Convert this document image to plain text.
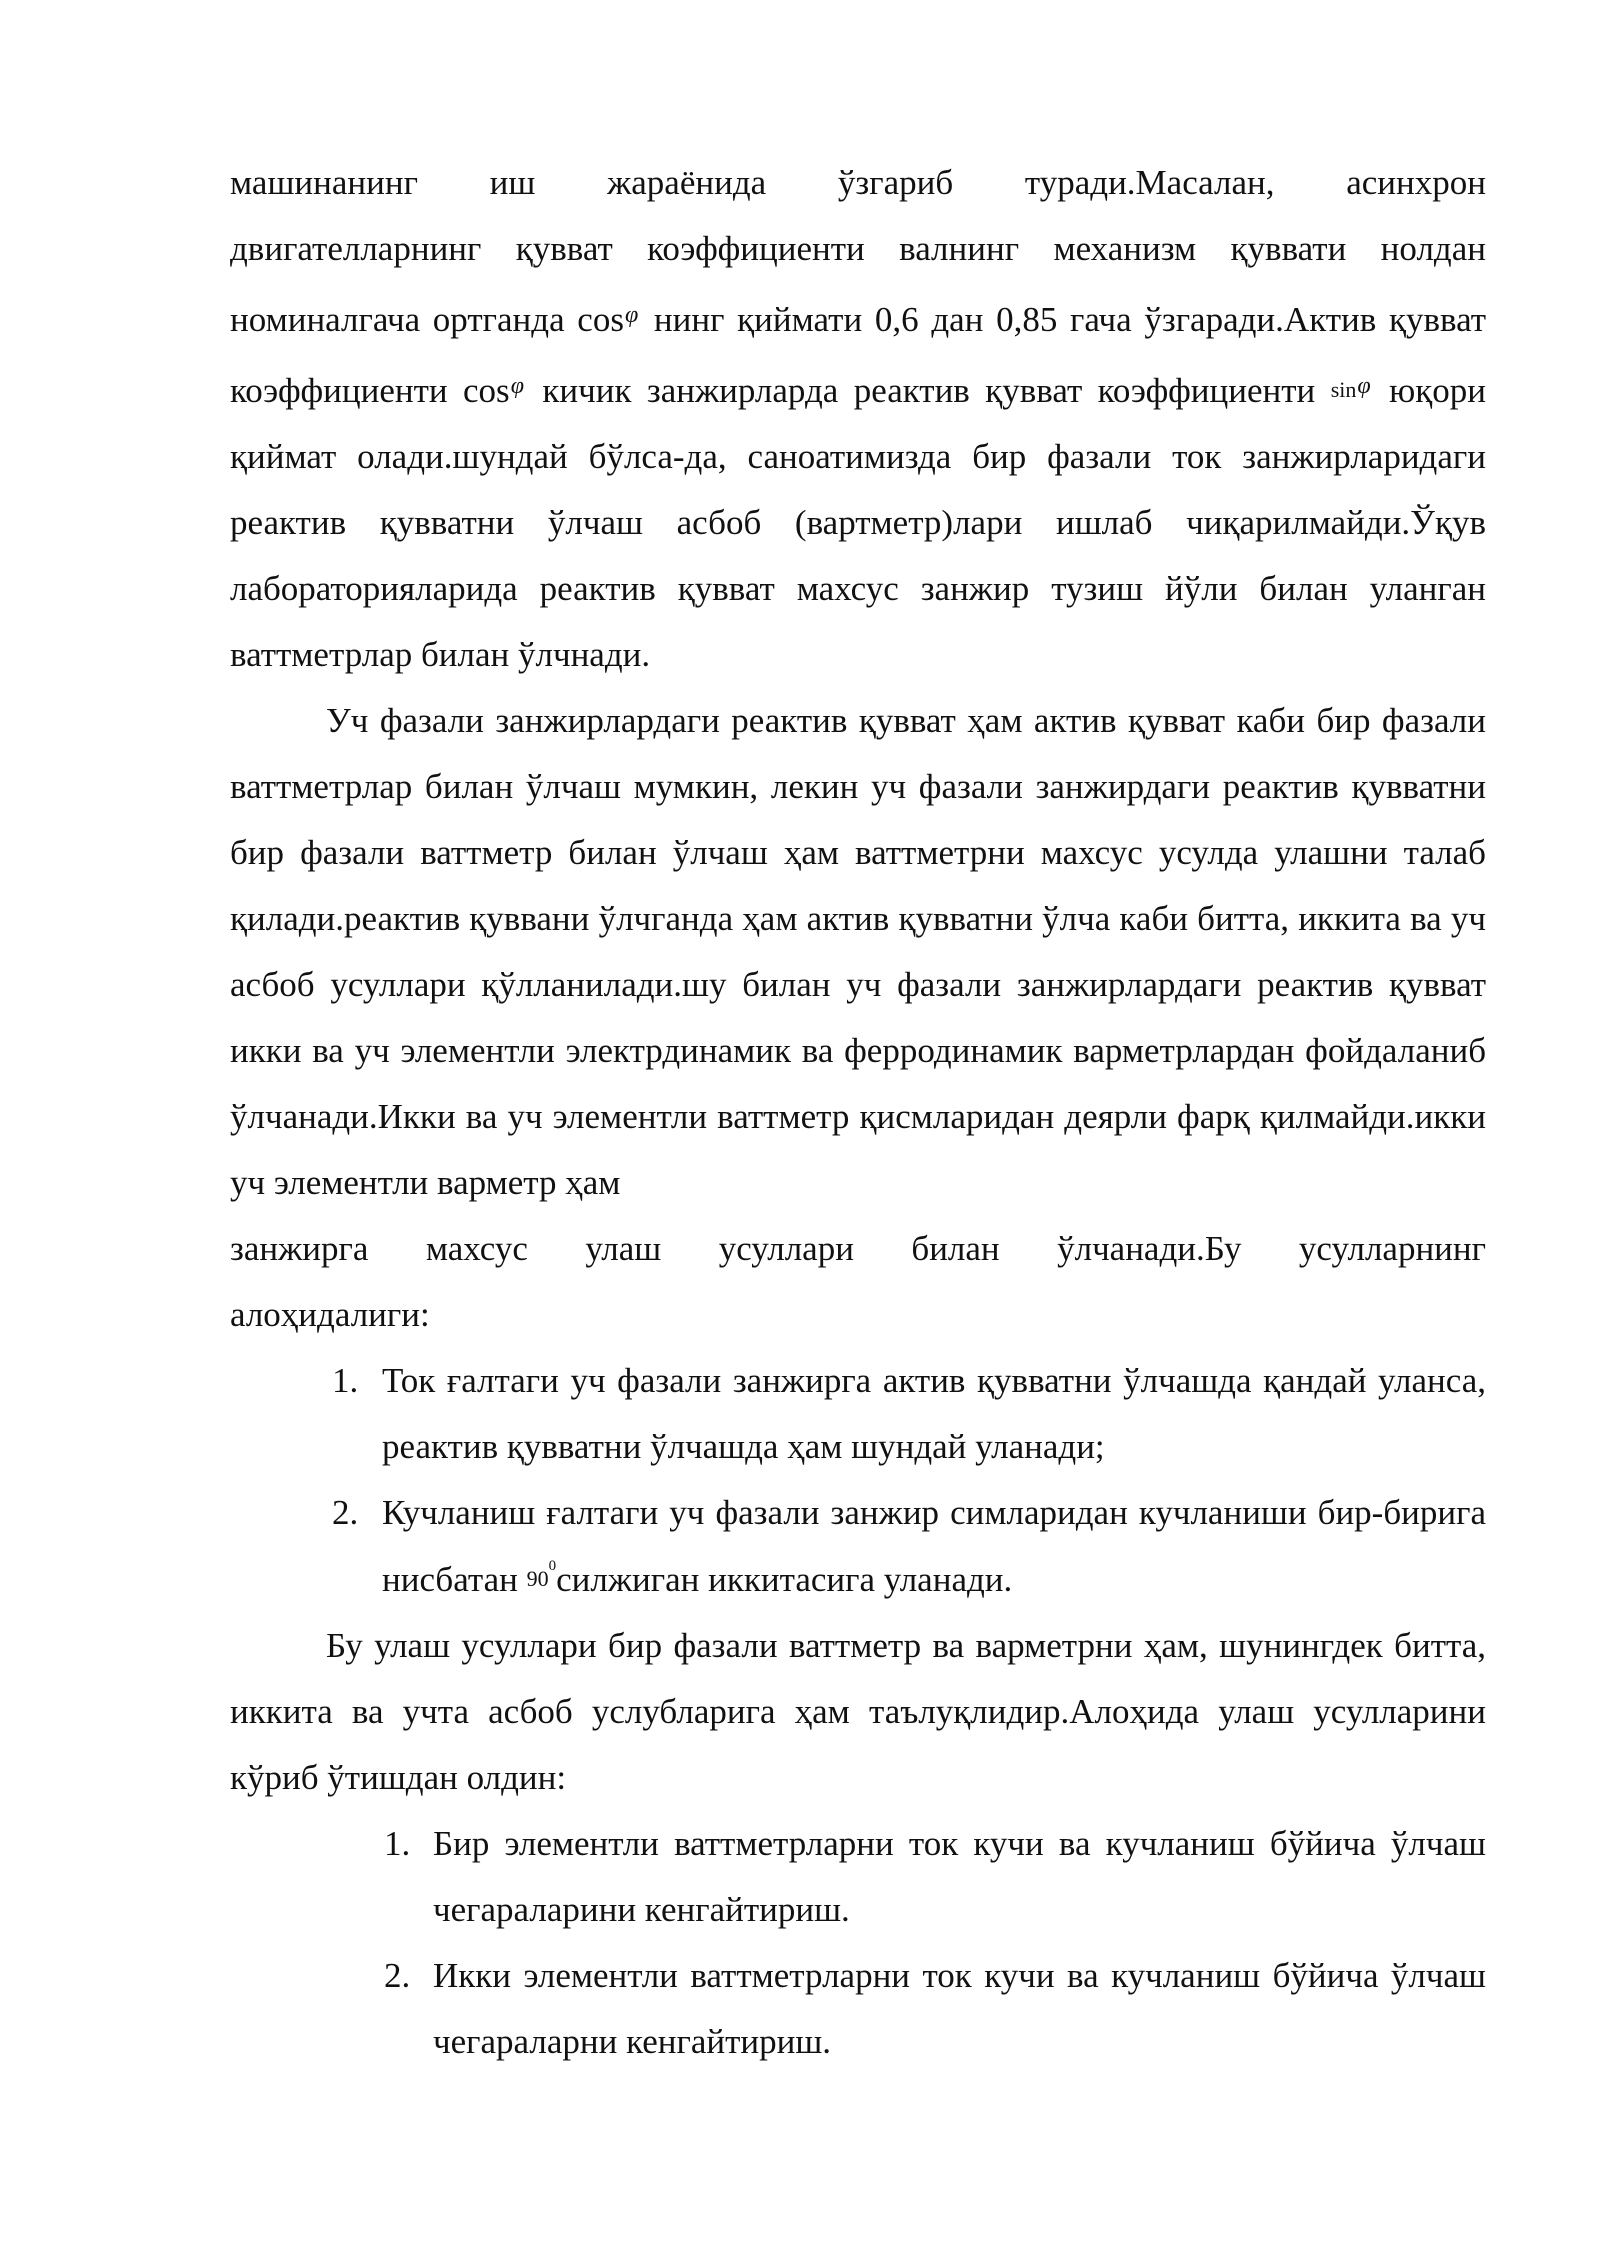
машинанинг иш жараёнида ўзгариб туради.Масалан, асинхрон
двигателларнинг қувват коэффициенти валнинг механизм қуввати нолдан номиналгача ортганда $\cos^\varphi$ нинг қиймати 0,6 дан 0,85 гача ўзгаради.Актив қувват коэффициенти $\cos^\varphi$ кичик занжирларда реактив қувват коэффициенти $\sin^\varphi$ юқори қиймат олади.шундай бўлса-да, саноатимизда бир фазали ток занжирларидаги реактив қувватни ўлчаш асбоб (вартметр)лари ишлаб чиқарилмайди.Ўқув лабораторияларида реактив қувват махсус занжир тузиш йўли билан уланган ваттметрлар билан ўлчнади.

Уч фазали занжирлардаги реактив қувват ҳам актив қувват каби бир фазали ваттметрлар билан ўлчаш мумкин, лекин уч фазали занжирдаги реактив қувватни бир фазали ваттметр билан ўлчаш ҳам ваттметрни махсус усулда улашни талаб қилади.реактив қуввани ўлчганда ҳам актив қувватни ўлча каби битта, иккита ва уч асбоб усуллари қўлланилади.шу билан уч фазали занжирлардаги реактив қувват икки ва уч элементли электрдинамик ва ферродинамик варметрлардан фойдаланиб ўлчанади.Икки ва уч элементли ваттметр қисмларидан деярли фарқ қилмайди.икки уч элементли варметр ҳам

занжирга махсус улаш усуллари билан ўлчанади.Бу усулларнинг

алоҳидалиги:

1. Ток ғалтаги уч фазали занжирга актив қувватни ўлчашда қандай уланса, реактив қувватни ўлчашда ҳам шундай уланади;
2. Кучланиш ғалтаги уч фазали занжир симларидан кучланиши бир-бирига нисбатан $90^0силжиган$ иккитасига уланади.

Бу улаш усуллари бир фазали ваттметр ва варметрни ҳам, шунингдек битта, иккита ва учта асбоб услубларига ҳам таълуқлидир.Алоҳида улаш усулларини кўриб ўтишдан олдин:

1. Бир элементли ваттметрларни ток кучи ва кучланиш бўйича ўлчаш чегараларини кенгайтириш.
2. Икки элементли ваттметрларни ток кучи ва кучланиш бўйича ўлчаш чегараларни кенгайтириш.
